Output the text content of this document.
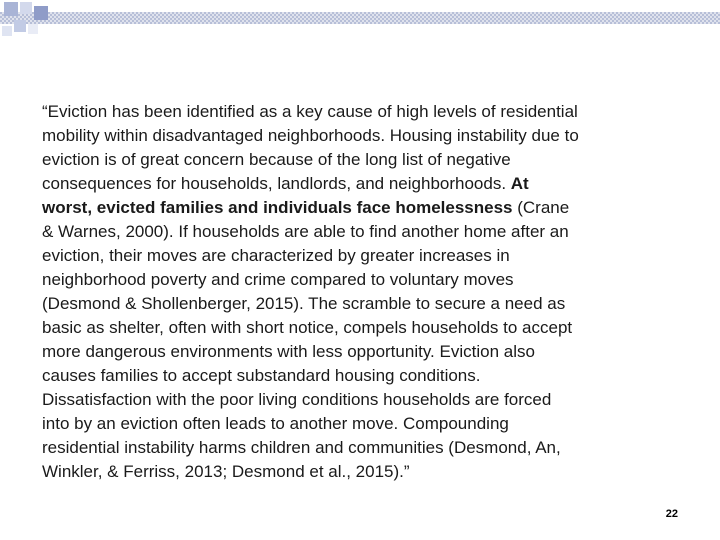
“Eviction has been identified as a key cause of high levels of residential
mobility within disadvantaged neighborhoods. Housing instability due to
eviction is of great concern because of the long list of negative
consequences for households, landlords, and neighborhoods. At
worst, evicted families and individuals face homelessness (Crane
& Warnes, 2000). If households are able to find another home after an
eviction, their moves are characterized by greater increases in
neighborhood poverty and crime compared to voluntary moves
(Desmond & Shollenberger, 2015). The scramble to secure a need as
basic as shelter, often with short notice, compels households to accept
more dangerous environments with less opportunity. Eviction also
causes families to accept substandard housing conditions.
Dissatisfaction with the poor living conditions households are forced
into by an eviction often leads to another move. Compounding
residential instability harms children and communities (Desmond, An,
Winkler, & Ferriss, 2013; Desmond et al., 2015).”

22
